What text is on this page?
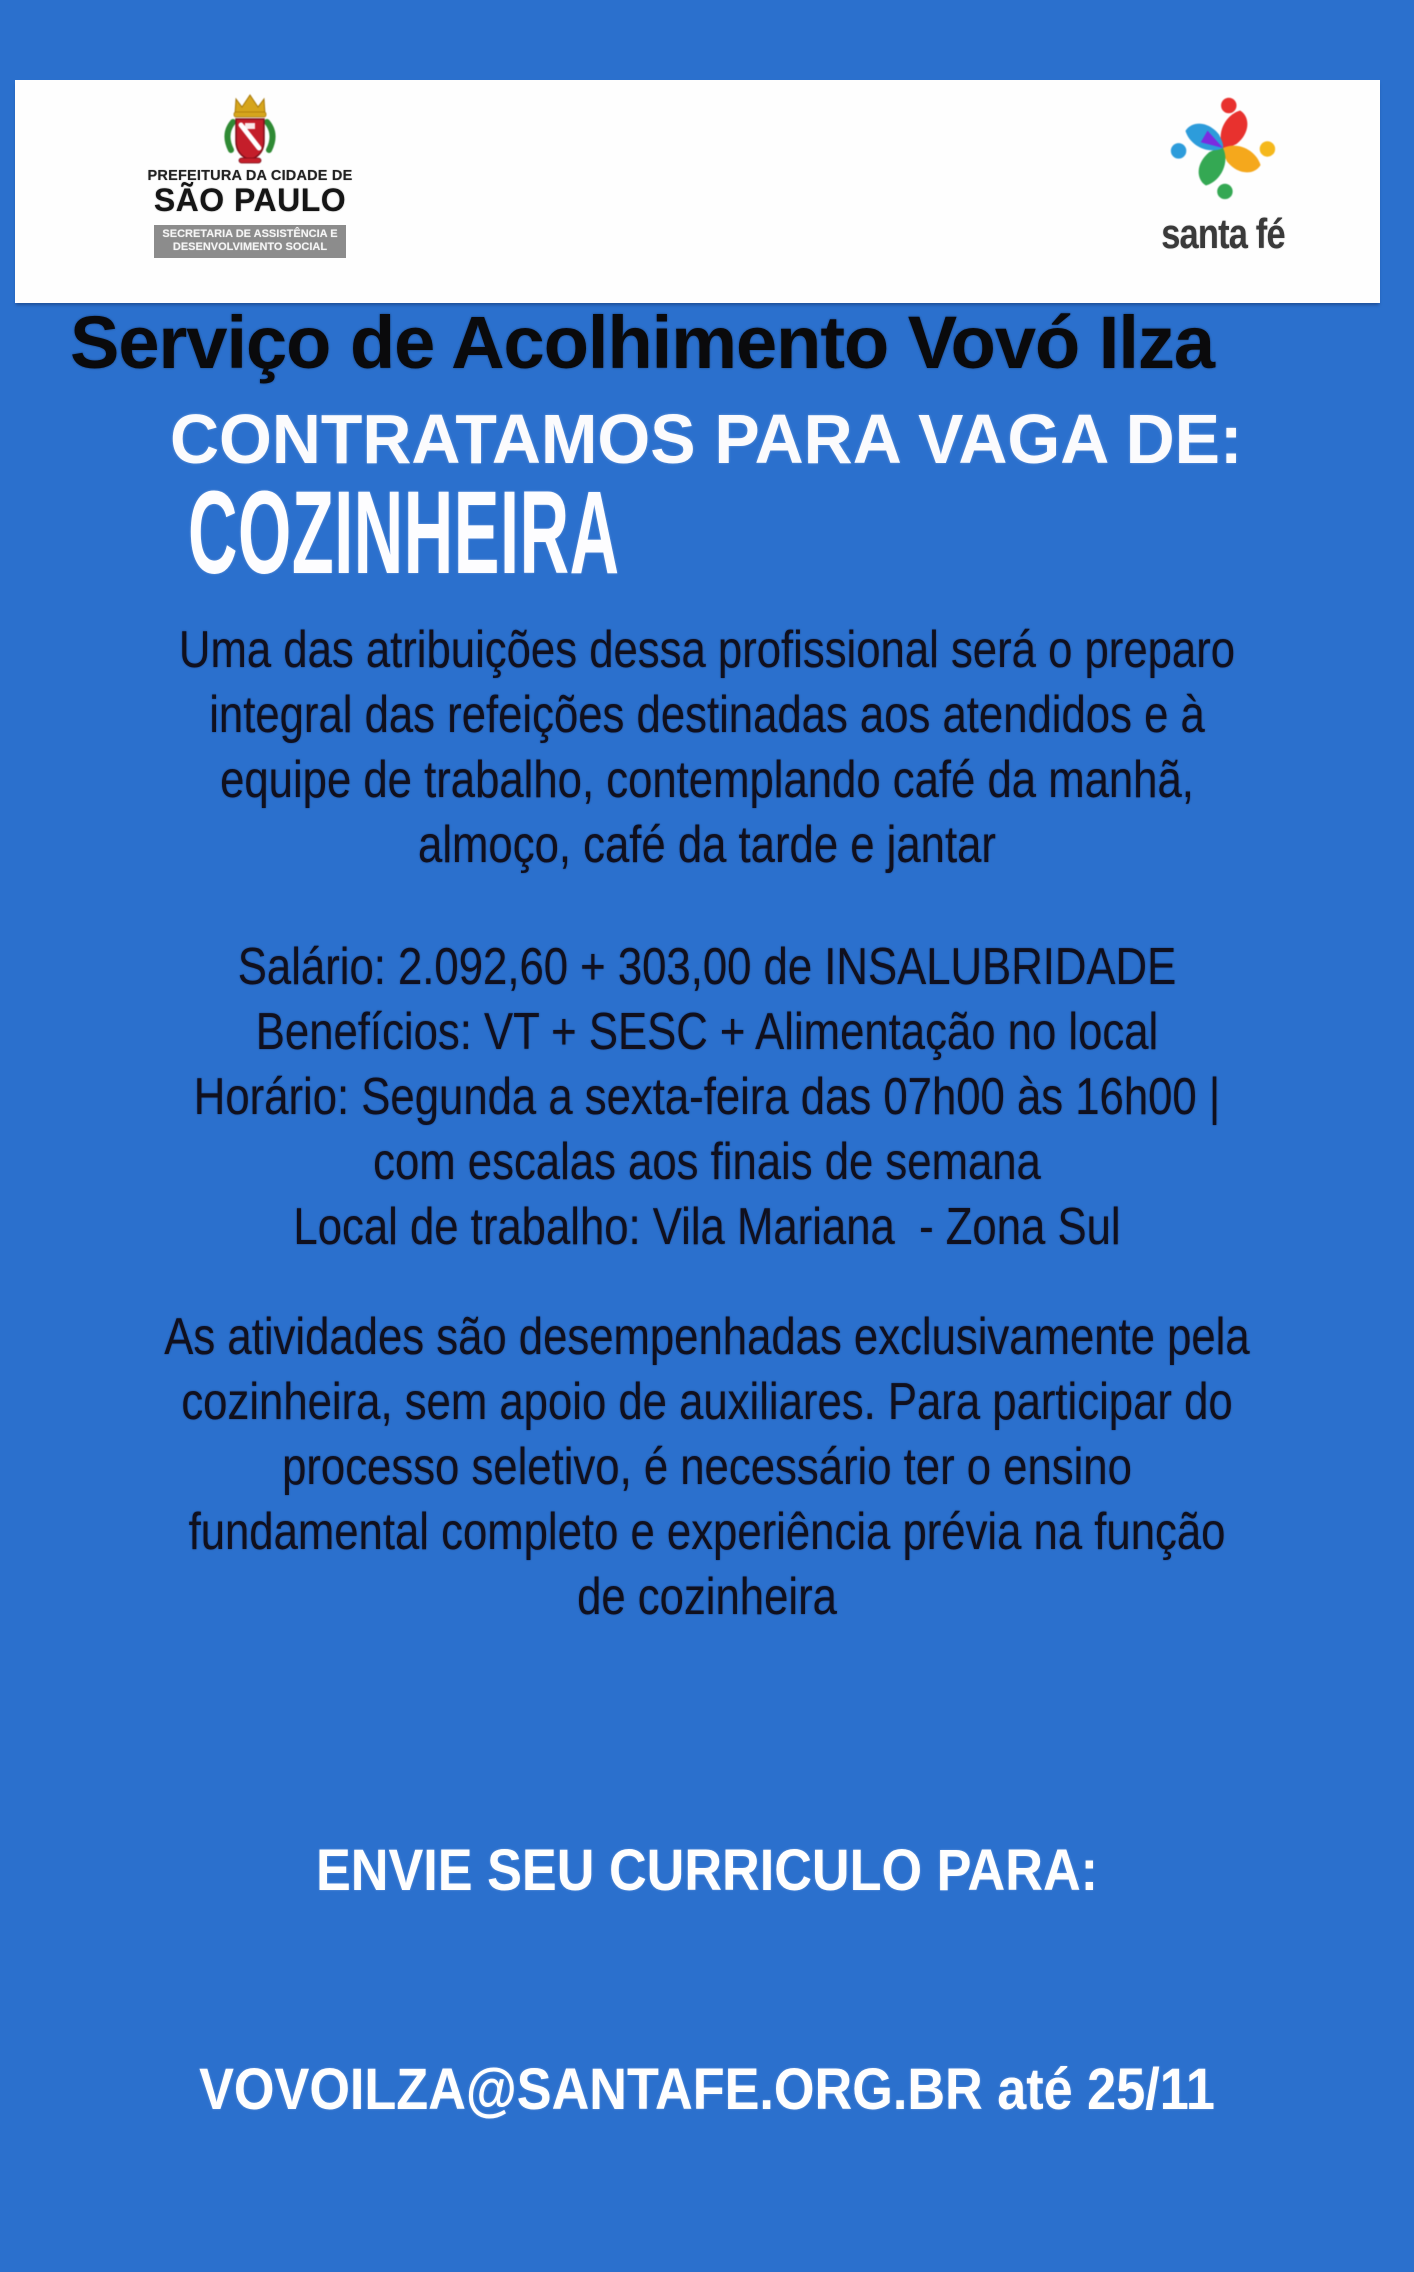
PREFEITURA DA CIDADE DE
SÃO PAULO
SECRETARIA DE ASSISTÊNCIA E
DESENVOLVIMENTO SOCIAL	santa fé
Serviço de Acolhimento Vovó Ilza
CONTRATAMOS PARA VAGA DE:
COZINHEIRA
Uma das atribuições dessa profissional será o preparo
integral das refeições destinadas aos atendidos e à
equipe de trabalho, contemplando café da manhã,
almoço, café da tarde e jantar
Salário: 2.092,60 + 303,00 de INSALUBRIDADE
Benefícios: VT + SESC + Alimentação no local
Horário: Segunda a sexta-feira das 07h00 às 16h00 |
com escalas aos finais de semana
Local de trabalho: Vila Mariana  - Zona Sul
As atividades são desempenhadas exclusivamente pela
cozinheira, sem apoio de auxiliares. Para participar do
processo seletivo, é necessário ter o ensino
fundamental completo e experiência prévia na função
de cozinheira

ENVIE SEU CURRICULO PARA:

VOVOILZA@SANTAFE.ORG.BR até 25/11
